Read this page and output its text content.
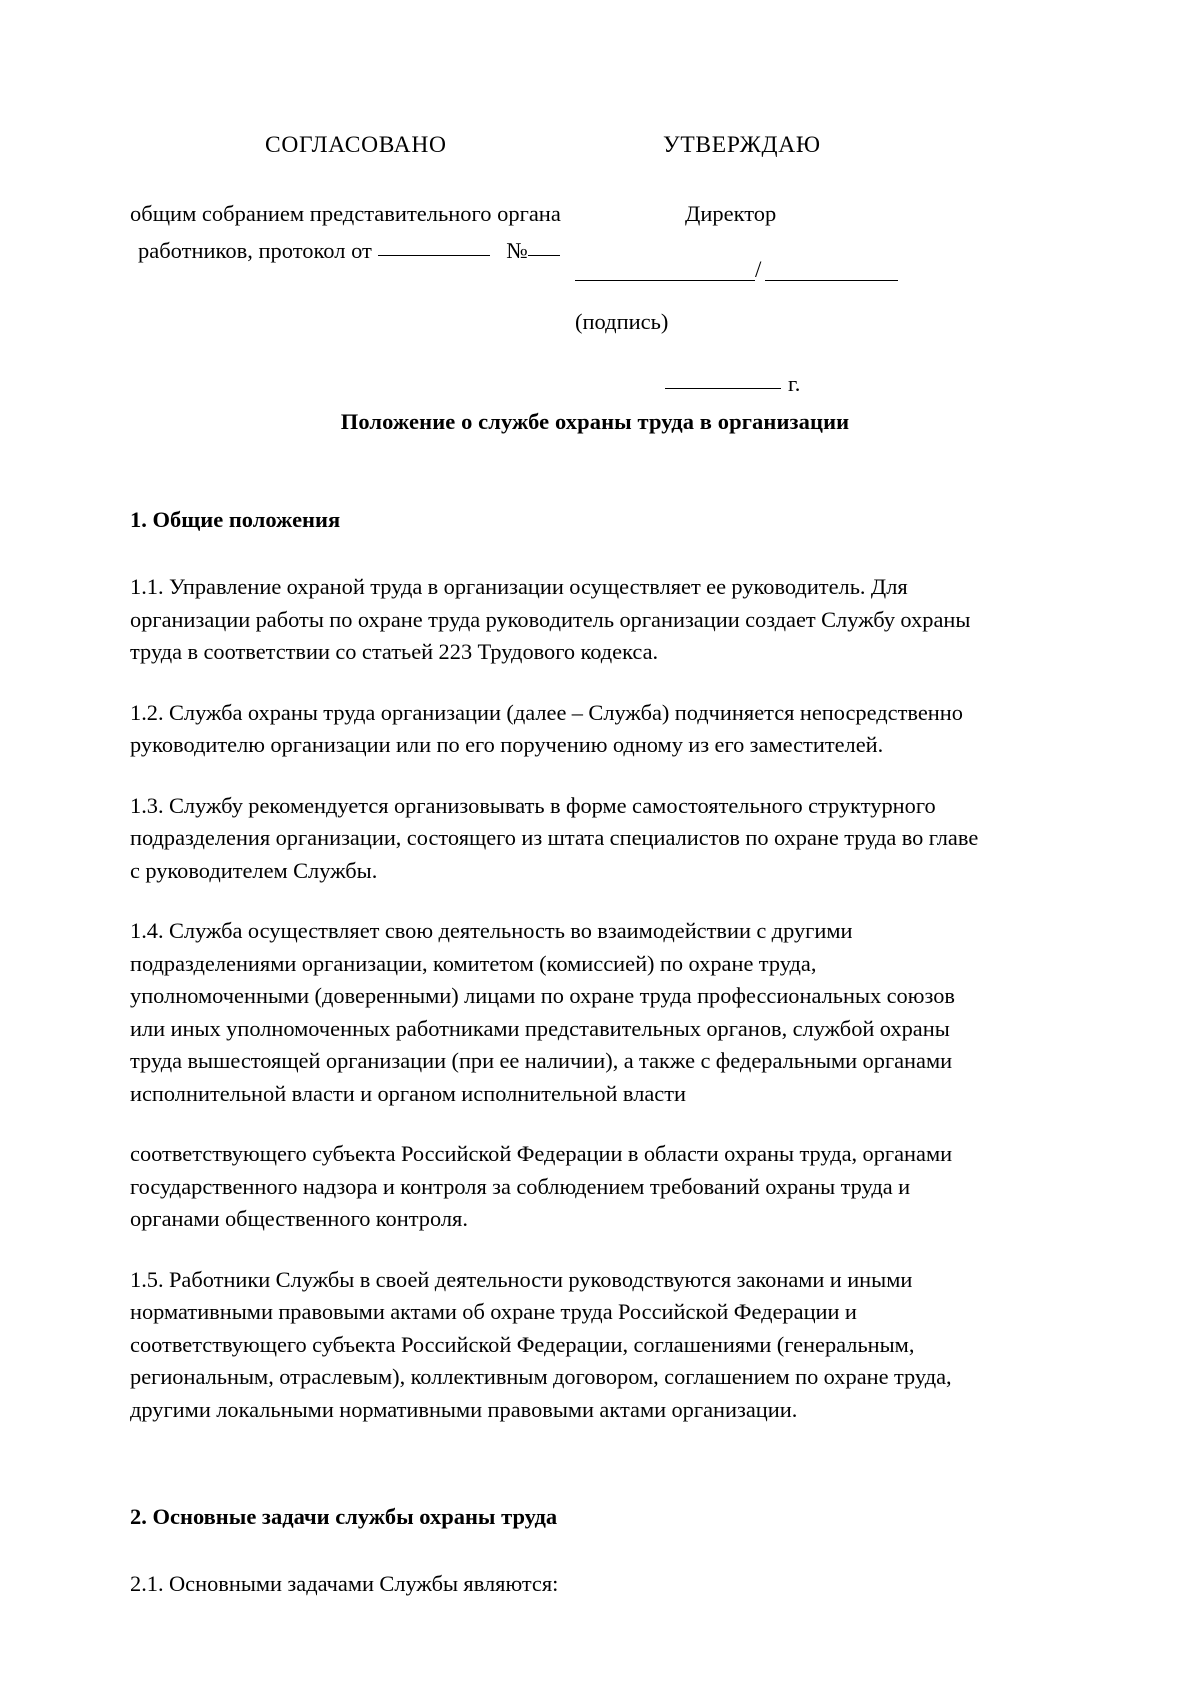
СОГЛАСОВАНО	УТВЕРЖДАЮ
общим собранием представительного органа
работников, протокол от	№
Директор
/
(подпись)
г.
Положение о службе охраны труда в организации
1. Общие положения

1.1. Управление охраной труда в организации осуществляет ее руководитель. Для организации работы по охране труда руководитель организации создает Службу охраны труда в соответствии со статьей 223 Трудового кодекса.

1.2. Служба охраны труда организации (далее – Служба) подчиняется непосредственно руководителю организации или по его поручению одному из его заместителей.

1.3. Службу рекомендуется организовывать в форме самостоятельного структурного подразделения организации, состоящего из штата специалистов по охране труда во главе с руководителем Службы.

1.4. Служба осуществляет свою деятельность во взаимодействии с другими подразделениями организации, комитетом (комиссией) по охране труда, уполномоченными (доверенными) лицами по охране труда профессиональных союзов или иных уполномоченных работниками представительных органов, службой охраны труда вышестоящей организации (при ее наличии), а также с федеральными органами исполнительной власти и органом исполнительной власти

соответствующего субъекта Российской Федерации в области охраны труда, органами государственного надзора и контроля за соблюдением требований охраны труда и органами общественного контроля.

1.5. Работники Службы в своей деятельности руководствуются законами и иными нормативными правовыми актами об охране труда Российской Федерации и соответствующего субъекта Российской Федерации, соглашениями (генеральным, региональным, отраслевым), коллективным договором, соглашением по охране труда, другими локальными нормативными правовыми актами организации.

2. Основные задачи службы охраны труда

2.1. Основными задачами Службы являются:
